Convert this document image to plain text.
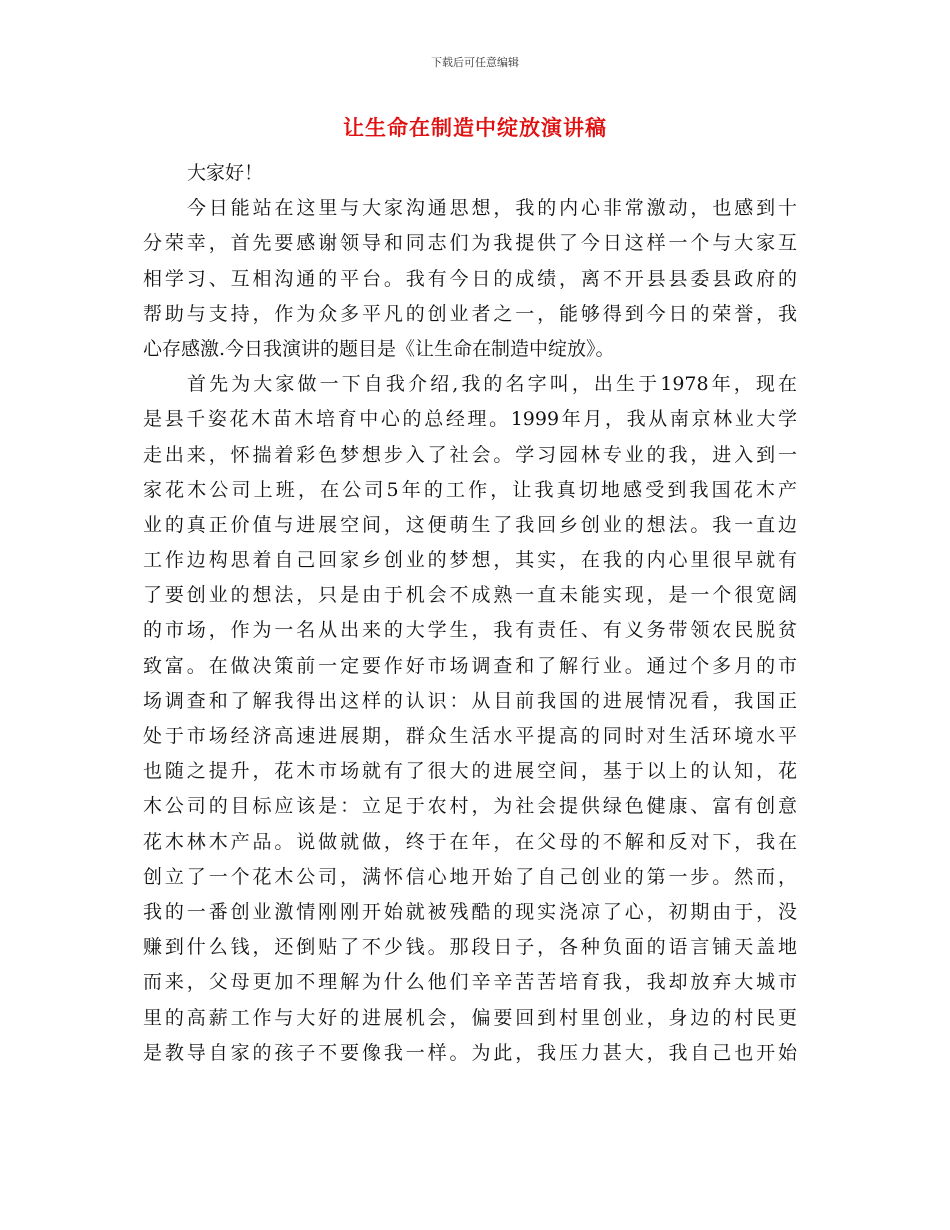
下载后可任意编辑
让生命在制造中绽放演讲稿
大家好！
今日能站在这里与大家沟通思想，我的内心非常激动，也感到十
分荣幸，首先要感谢领导和同志们为我提供了今日这样一个与大家互
相学习、互相沟通的平台。我有今日的成绩，离不开县县委县政府的
帮助与支持，作为众多平凡的创业者之一，能够得到今日的荣誉，我
心存感激.今日我演讲的题目是《让生命在制造中绽放》。
首先为大家做一下自我介绍,我的名字叫，出生于1978年，现在
是县千姿花木苗木培育中心的总经理。1999年月，我从南京林业大学
走出来，怀揣着彩色梦想步入了社会。学习园林专业的我，进入到一
家花木公司上班，在公司5年的工作，让我真切地感受到我国花木产
业的真正价值与进展空间，这便萌生了我回乡创业的想法。我一直边
工作边构思着自己回家乡创业的梦想，其实，在我的内心里很早就有
了要创业的想法，只是由于机会不成熟一直未能实现，是一个很宽阔
的市场，作为一名从出来的大学生，我有责任、有义务带领农民脱贫
致富。在做决策前一定要作好市场调查和了解行业。通过个多月的市
场调查和了解我得出这样的认识：从目前我国的进展情况看，我国正
处于市场经济高速进展期，群众生活水平提高的同时对生活环境水平
也随之提升，花木市场就有了很大的进展空间，基于以上的认知，花
木公司的目标应该是：立足于农村，为社会提供绿色健康、富有创意
花木林木产品。说做就做，终于在年，在父母的不解和反对下，我在
创立了一个花木公司，满怀信心地开始了自己创业的第一步。然而，
我的一番创业激情刚刚开始就被残酷的现实浇凉了心，初期由于，没
赚到什么钱，还倒贴了不少钱。那段日子，各种负面的语言铺天盖地
而来，父母更加不理解为什么他们辛辛苦苦培育我，我却放弃大城市
里的高薪工作与大好的进展机会，偏要回到村里创业，身边的村民更
是教导自家的孩子不要像我一样。为此，我压力甚大，我自己也开始
